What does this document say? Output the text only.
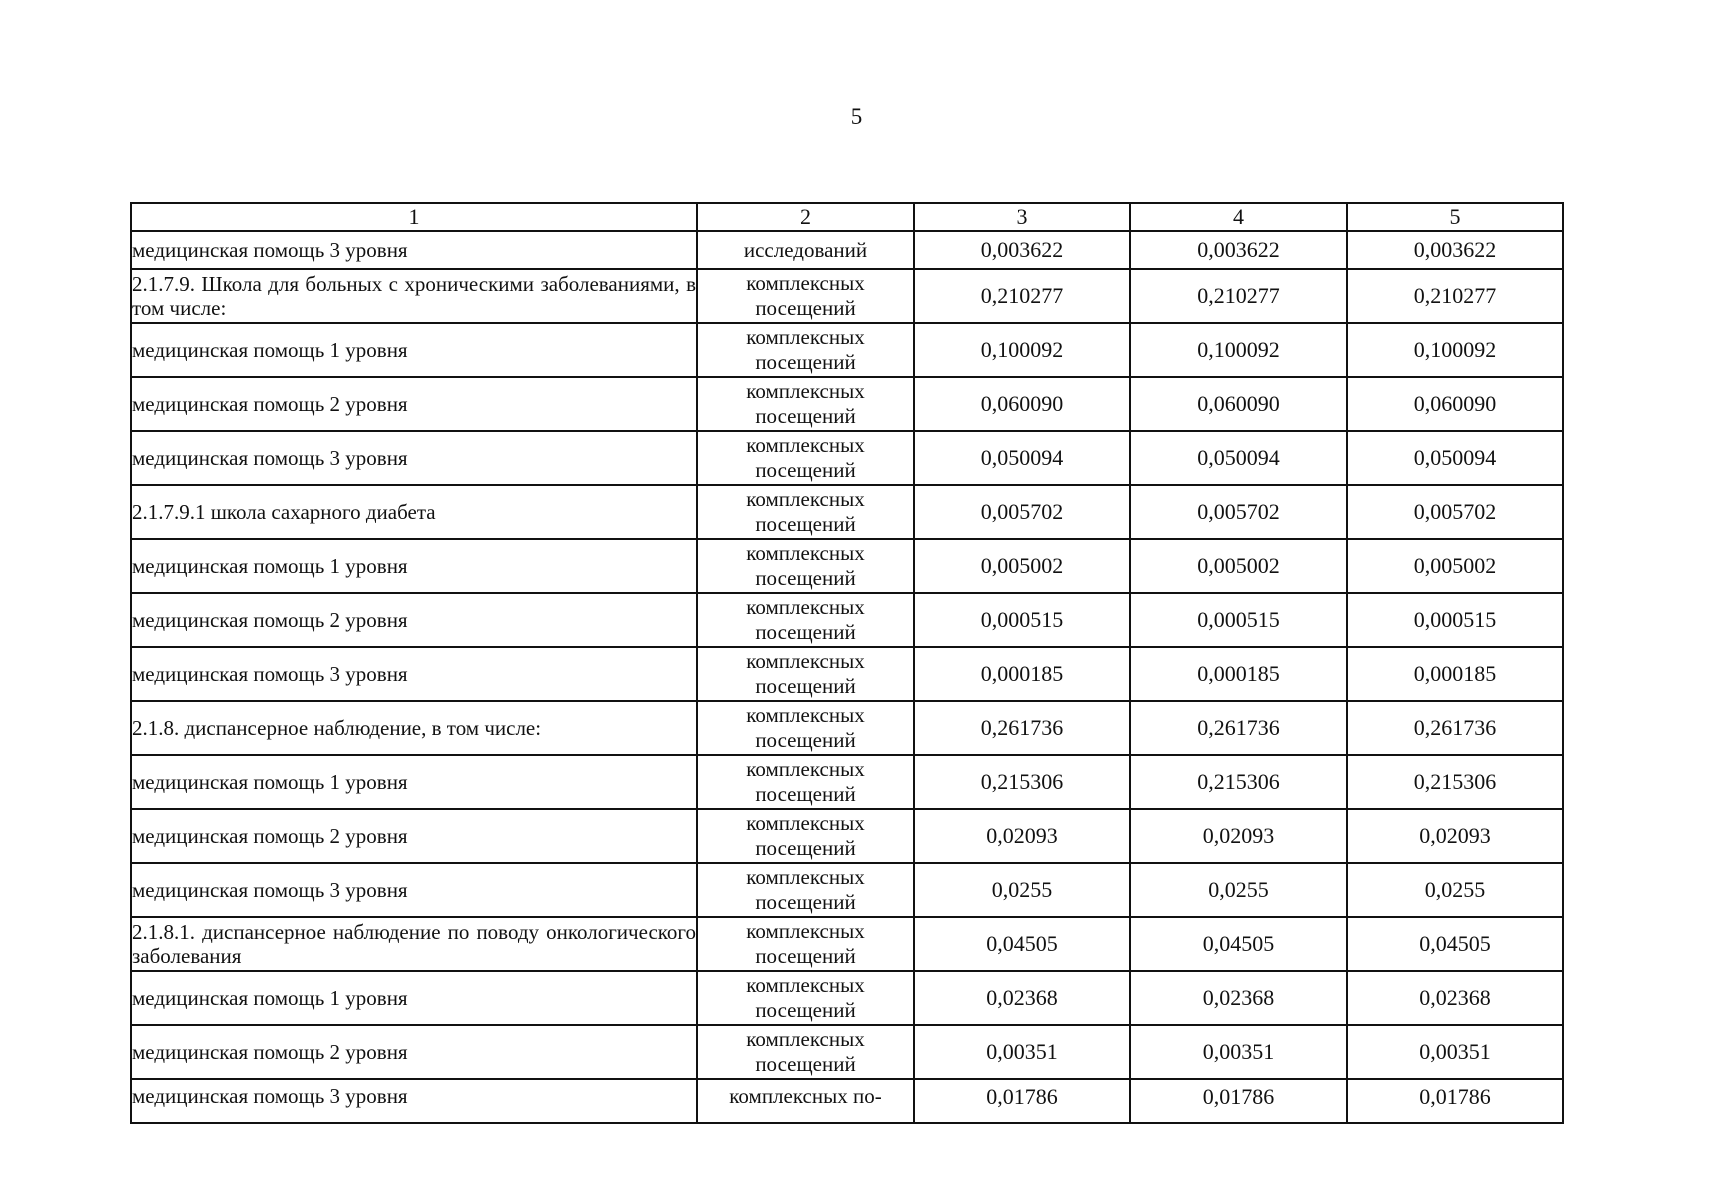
5
1	2	3	4	5
медицинская помощь 3 уровня	исследований	0,003622	0,003622	0,003622
2.1.7.9. Школа для больных с хроническими заболеваниями, в том числе:	комплексных посещений	0,210277	0,210277	0,210277
медицинская помощь 1 уровня	комплексных посещений	0,100092	0,100092	0,100092
медицинская помощь 2 уровня	комплексных посещений	0,060090	0,060090	0,060090
медицинская помощь 3 уровня	комплексных посещений	0,050094	0,050094	0,050094
2.1.7.9.1 школа сахарного диабета	комплексных посещений	0,005702	0,005702	0,005702
медицинская помощь 1 уровня	комплексных посещений	0,005002	0,005002	0,005002
медицинская помощь 2 уровня	комплексных посещений	0,000515	0,000515	0,000515
медицинская помощь 3 уровня	комплексных посещений	0,000185	0,000185	0,000185
2.1.8. диспансерное наблюдение, в том числе:	комплексных посещений	0,261736	0,261736	0,261736
медицинская помощь 1 уровня	комплексных посещений	0,215306	0,215306	0,215306
медицинская помощь 2 уровня	комплексных посещений	0,02093	0,02093	0,02093
медицинская помощь 3 уровня	комплексных посещений	0,0255	0,0255	0,0255
2.1.8.1. диспансерное наблюдение по поводу онкологического заболевания	комплексных посещений	0,04505	0,04505	0,04505
медицинская помощь 1 уровня	комплексных посещений	0,02368	0,02368	0,02368
медицинская помощь 2 уровня	комплексных посещений	0,00351	0,00351	0,00351
медицинская помощь 3 уровня	комплексных по-	0,01786	0,01786	0,01786
